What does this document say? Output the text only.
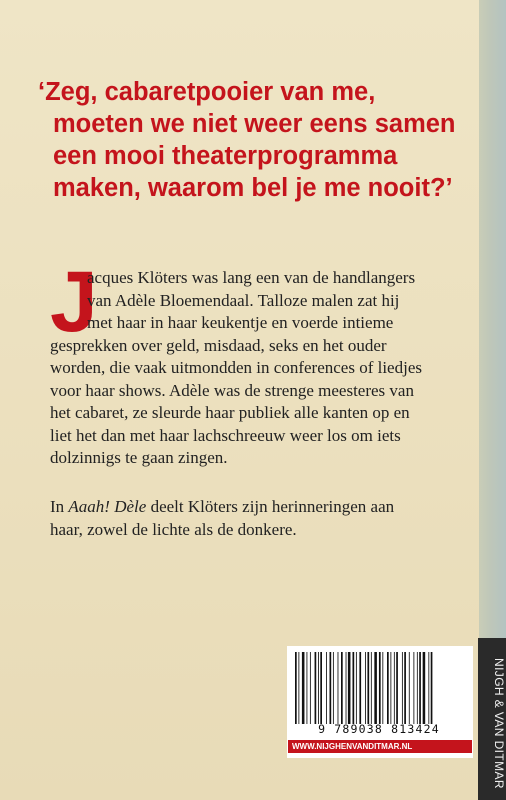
‘Zeg, cabaretpooier van me,
moeten we niet weer eens samen
een mooi theaterprogramma
maken, waarom bel je me nooit?’
J
acques Klöters was lang een van de handlangers
van Adèle Bloemendaal. Talloze malen zat hij
met haar in haar keukentje en voerde intieme
gesprekken over geld, misdaad, seks en het ouder
worden, die vaak uitmondden in conferences of liedjes
voor haar shows. Adèle was de strenge meesteres van
het cabaret, ze sleurde haar publiek alle kanten op en
liet het dan met haar lachschreeuw weer los om iets
dolzinnigs te gaan zingen.
In Aaah! Dèle deelt Klöters zijn herinneringen aan
haar, zowel de lichte als de donkere.
NIJGH & VAN DITMAR
9 789038 813424
WWW.NIJGHENVANDITMAR.NL
